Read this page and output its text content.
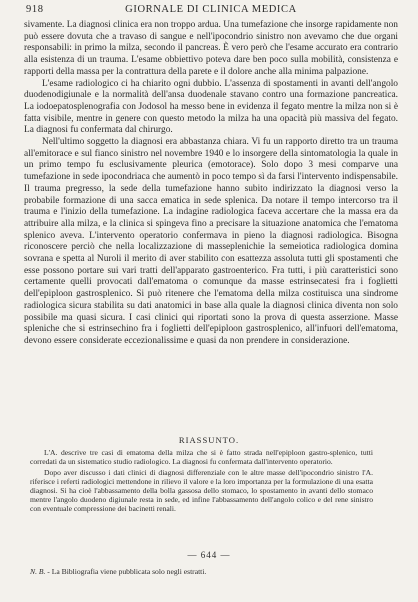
918	GIORNALE DI CLINICA MEDICA

sivamente. La diagnosi clinica era non troppo ardua. Una tumefazione che insorge rapidamente non può essere dovuta che a travaso di sangue e nell'ipocondrio sinistro non avevamo che due organi responsabili: in primo la milza, secondo il pancreas. È vero però che l'esame accurato era contrario alla esistenza di un trauma. L'esame obbiettivo poteva dare ben poco sulla mobilità, consistenza e rapporti della massa per la contrattura della parete e il dolore anche alla minima palpazione.

L'esame radiologico ci ha chiarito ogni dubbio. L'assenza di spostamenti in avanti dell'angolo duodenodigiunale e la normalità dell'ansa duodenale stavano contro una formazione pancreatica. La iodoepatosplenografia con Jodosol ha messo bene in evidenza il fegato mentre la milza non si è fatta visibile, mentre in genere con questo metodo la milza ha una opacità più massiva del fegato. La diagnosi fu confermata dal chirurgo.

Nell'ultimo soggetto la diagnosi era abbastanza chiara. Vi fu un rapporto diretto tra un trauma all'emitorace e sul fianco sinistro nel novembre 1940 e lo insorgere della sintomatologia la quale in un primo tempo fu esclusivamente pleurica (emotorace). Solo dopo 3 mesi comparve una tumefazione in sede ipocondriaca che aumentò in poco tempo sì da farsi l'intervento indispensabile. Il trauma pregresso, la sede della tumefazione hanno subito indirizzato la diagnosi verso la probabile formazione di una sacca ematica in sede splenica. Da notare il tempo intercorso tra il trauma e l'inizio della tumefazione. La indagine radiologica faceva accertare che la massa era da attribuire alla milza, e la clinica si spingeva fino a precisare la situazione anatomica che l'ematoma splenico aveva. L'intervento operatorio confermava in pieno la diagnosi radiologica. Bisogna riconoscere perciò che nella localizzazione di masseplenichie la semeiotica radiologica domina sovrana e spetta al Nuroli il merito di aver stabilito con esattezza assoluta tutti gli spostamenti che esse possono portare sui vari tratti dell'apparato gastroenterico. Fra tutti, i più caratteristici sono certamente quelli provocati dall'ematoma o comunque da masse estrinsecatesi fra i foglietti dell'epiploon gastrosplenico. Si può ritenere che l'ematoma della milza costituisca una sindrome radiologica sicura stabilita su dati anatomici in base alla quale la diagnosi clinica diventa non solo possibile ma quasi sicura. I casi clinici qui riportati sono la prova di questa asserzione. Masse spleniche che si estrinsechino fra i foglietti dell'epiploon gastrosplenico, all'infuori dell'ematoma, devono essere considerate eccezionalissime e quasi da non prendere in considerazione.

RIASSUNTO.

L'A. descrive tre casi di ematoma della milza che si è fatto strada nell'epiploon gastro-splenico, tutti corredati da un sistematico studio radiologico. La diagnosi fu confermata dall'intervento operatorio.

Dopo aver discusso i dati clinici di diagnosi differenziale con le altre masse dell'ipocondrio sinistro l'A. riferisce i referti radiologici mettendone in rilievo il valore e la loro importanza per la formulazione di una esatta diagnosi. Si ha cioè l'abbassamento della bolla gassosa dello stomaco, lo spostamento in avanti dello stomaco mentre l'angolo duodeno digiunale resta in sede, ed infine l'abbassamento dell'angolo colico e del rene sinistro con eventuale compressione dei bacinetti renali.

— 644 —
N. B. - La Bibliografia viene pubblicata solo negli estratti.
